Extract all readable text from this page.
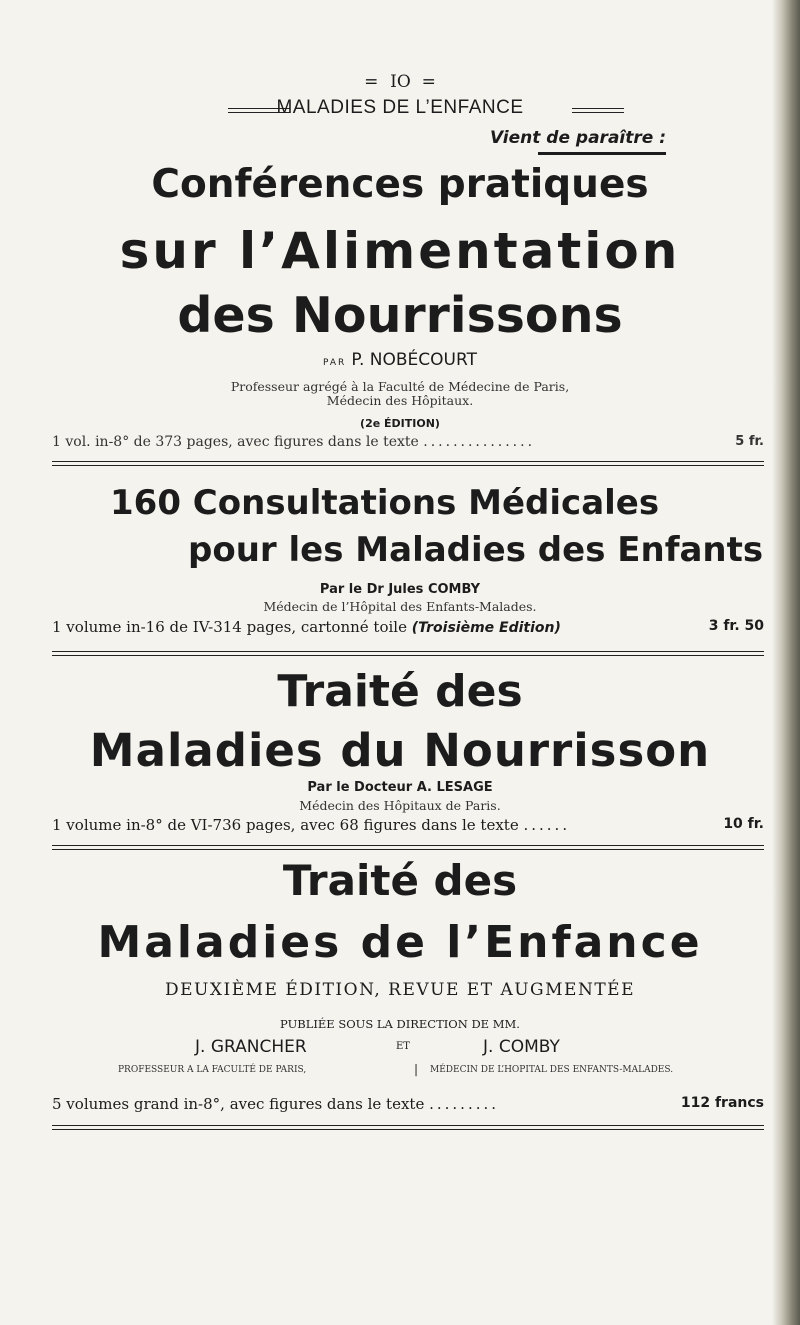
= IO =
MALADIES DE L’ENFANCE
Vient de paraître :
Conférences pratiques
sur l’Alimentation
des Nourrissons
PAR P. NOBÉCOURT
Professeur agrégé à la Faculté de Médecine de Paris,
Médecin des Hôpitaux.
(2e ÉDITION)
1 vol. in-8° de 373 pages, avec figures dans le texte ...............	5 fr.
160 Consultations Médicales
pour les Maladies des Enfants
Par le Dr Jules COMBY
Médecin de l’Hôpital des Enfants-Malades.
1 volume in-16 de IV-314 pages, cartonné toile (Troisième Edition)	3 fr. 50
Traité des
Maladies du Nourrisson
Par le Docteur A. LESAGE
Médecin des Hôpitaux de Paris.
1 volume in-8° de VI-736 pages, avec 68 figures dans le texte ......	10 fr.
Traité des
Maladies de l’Enfance
DEUXIÈME ÉDITION, REVUE ET AUGMENTÉE
PUBLIÉE SOUS LA DIRECTION DE MM.
J. GRANCHER	ET	J. COMBY
PROFESSEUR A LA FACULTÉ DE PARIS,	| MÉDECIN DE L’HOPITAL DES ENFANTS-MALADES.
5 volumes grand in-8°, avec figures dans le texte .........	112 francs
